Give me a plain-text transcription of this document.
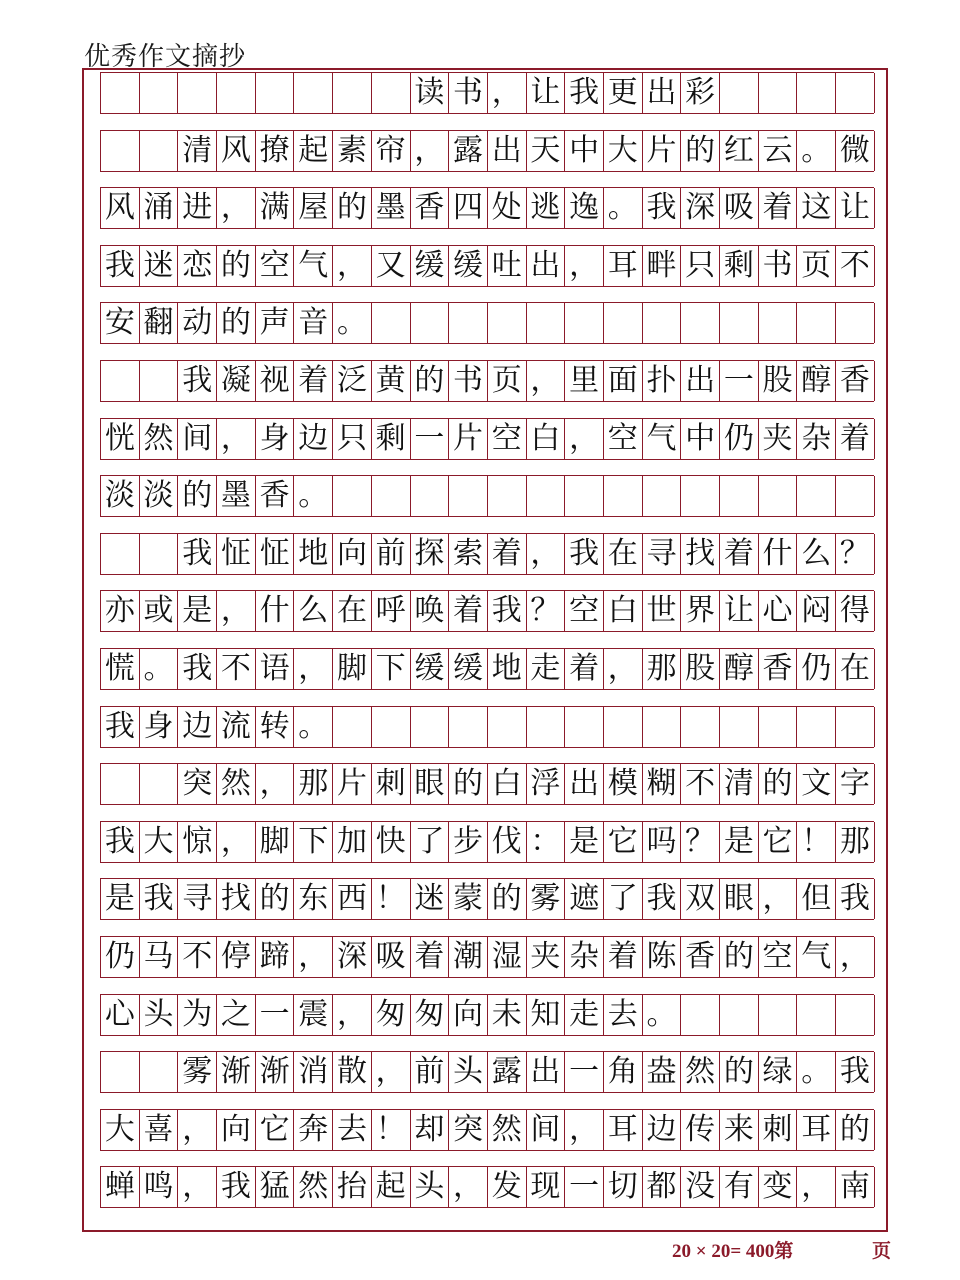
优秀作文摘抄
20 × 20= 400第	页
读 书 ， 让 我 更 出 彩
清 风 撩 起 素 帘 ， 露 出 天 中 大 片 的 红 云 。 微
风 涌 进 ， 满 屋 的 墨 香 四 处 逃 逸 。 我 深 吸 着 这 让
我 迷 恋 的 空 气 ， 又 缓 缓 吐 出 ， 耳 畔 只 剩 书 页 不
安 翻 动 的 声 音 。
我 凝 视 着 泛 黄 的 书 页 ， 里 面 扑 出 一 股 醇 香
恍 然 间 ， 身 边 只 剩 一 片 空 白 ， 空 气 中 仍 夹 杂 着
淡 淡 的 墨 香 。
我 怔 怔 地 向 前 探 索 着 ， 我 在 寻 找 着 什 么 ？
亦 或 是 ， 什 么 在 呼 唤 着 我 ？ 空 白 世 界 让 心 闷 得
慌 。 我 不 语 ， 脚 下 缓 缓 地 走 着 ， 那 股 醇 香 仍 在
我 身 边 流 转 。
突 然 ， 那 片 刺 眼 的 白 浮 出 模 糊 不 清 的 文 字
我 大 惊 ， 脚 下 加 快 了 步 伐 ： 是 它 吗 ？ 是 它 ！ 那
是 我 寻 找 的 东 西 ！ 迷 蒙 的 雾 遮 了 我 双 眼 ， 但 我
仍 马 不 停 蹄 ， 深 吸 着 潮 湿 夹 杂 着 陈 香 的 空 气 ，
心 头 为 之 一 震 ， 匆 匆 向 未 知 走 去 。
雾 渐 渐 消 散 ， 前 头 露 出 一 角 盎 然 的 绿 。 我
大 喜 ， 向 它 奔 去 ！ 却 突 然 间 ， 耳 边 传 来 刺 耳 的
蝉 鸣 ， 我 猛 然 抬 起 头 ， 发 现 一 切 都 没 有 变 ， 南
